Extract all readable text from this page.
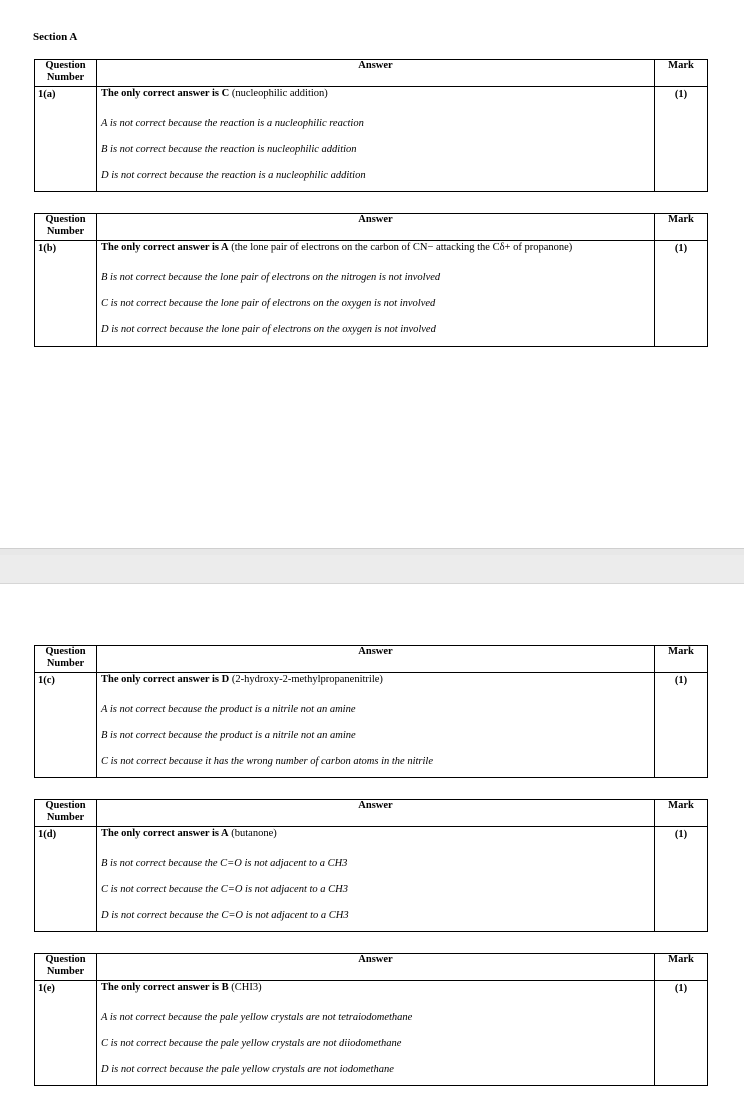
Section A
Question
Number	Answer	Mark
1(a)	The only correct answer is C (nucleophilic addition)
A is not correct because the reaction is a nucleophilic reaction
B is not correct because the reaction is nucleophilic addition
D is not correct because the reaction is a nucleophilic addition	(1)
Question
Number	Answer	Mark
1(b)	The only correct answer is A (the lone pair of electrons on the carbon of CN− attacking the Cδ+ of propanone)
B is not correct because the lone pair of electrons on the nitrogen is not involved
C is not correct because the lone pair of electrons on the oxygen is not involved
D is not correct because the lone pair of electrons on the oxygen is not involved	(1)
Question
Number	Answer	Mark
1(c)	The only correct answer is D (2-hydroxy-2-methylpropanenitrile)
A is not correct because the product is a nitrile not an amine
B is not correct because the product is a nitrile not an amine
C is not correct because it has the wrong number of carbon atoms in the nitrile	(1)
Question
Number	Answer	Mark
1(d)	The only correct answer is A (butanone)
B is not correct because the C=O is not adjacent to a CH3
C is not correct because the C=O is not adjacent to a CH3
D is not correct because the C=O is not adjacent to a CH3	(1)
Question
Number	Answer	Mark
1(e)	The only correct answer is B (CHI3)
A is not correct because the pale yellow crystals are not tetraiodomethane
C is not correct because the pale yellow crystals are not diiodomethane
D is not correct because the pale yellow crystals are not iodomethane	(1)
